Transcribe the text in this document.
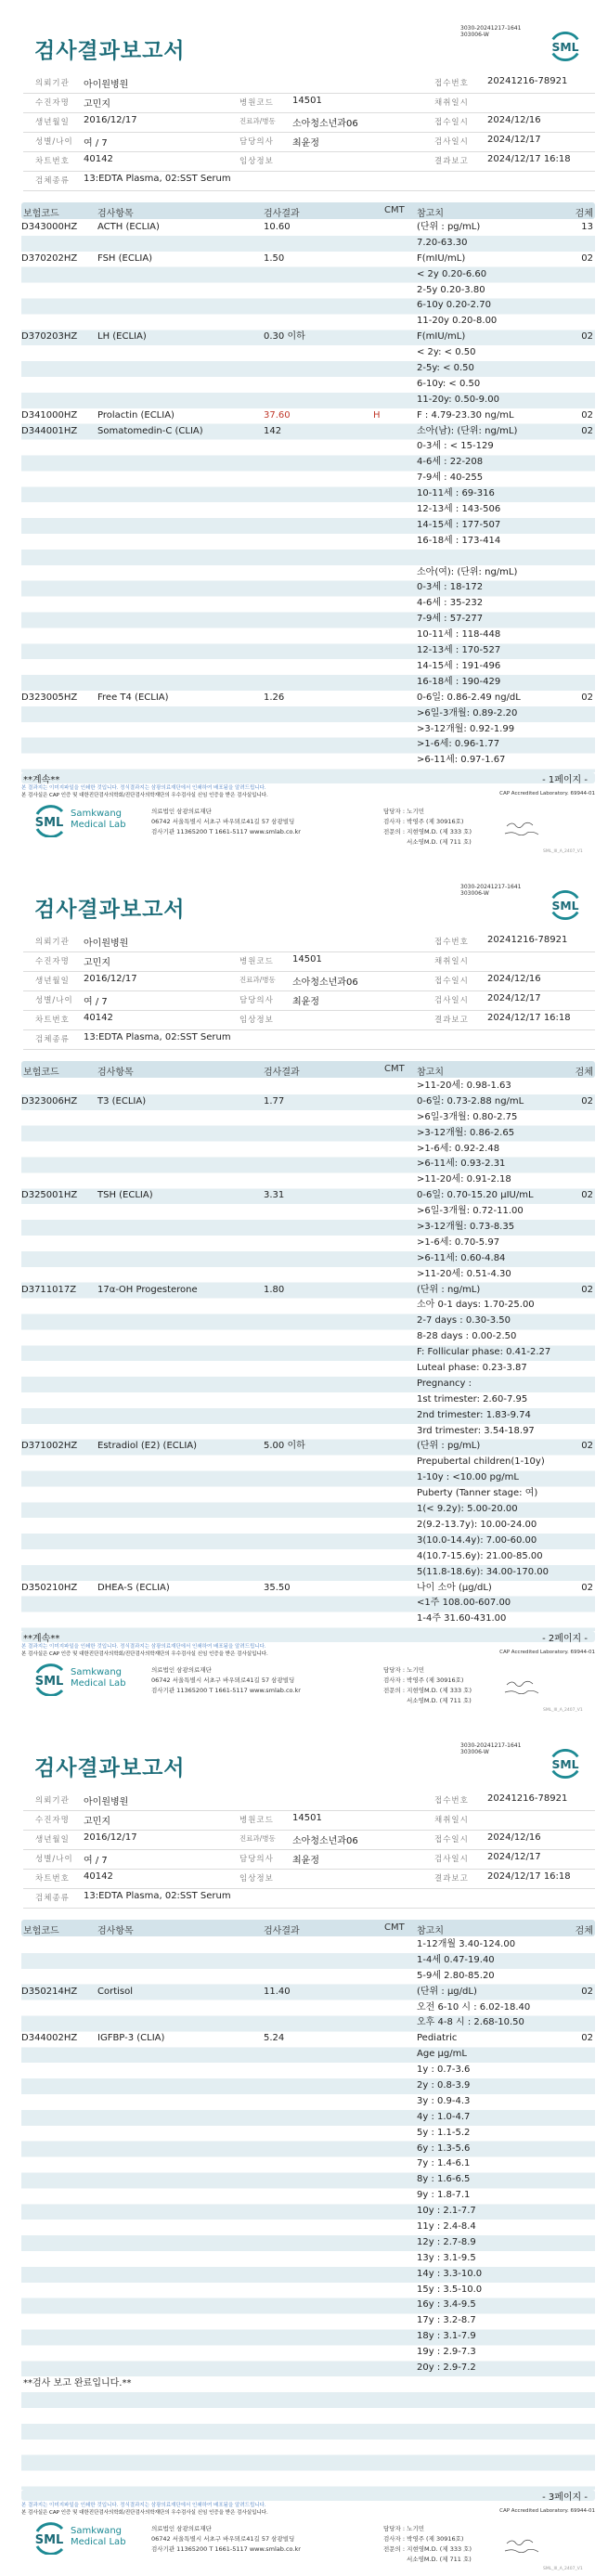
3030-20241217-1641
303006-W
검사결과보고서	SML
의뢰기관 아이원병원	접수번호 20241216-78921
수진자명 고민지	병원코드 14501	채취일시
생년월일 2016/12/17	진료과/병동 소아청소년과06	접수일시 2024/12/16
성별/나이 여 / 7	담당의사 최윤정	검사일시 2024/12/17
차트번호 40142	임상정보	결과보고 2024/12/17 16:18
검체종류 13:EDTA Plasma, 02:SST Serum
보험코드	검사항목	검사결과	CMT 참고치	검체
D343000HZ ACTH (ECLIA)	10.60	(단위 : pg/mL)	13
7.20-63.30
D370202HZ FSH (ECLIA)	1.50	F(mIU/mL)	02
< 2y 0.20-6.60
2-5y 0.20-3.80
6-10y 0.20-2.70
11-20y 0.20-8.00
D370203HZ LH (ECLIA)	0.30 이하	F(mIU/mL)	02
< 2y: < 0.50
2-5y: < 0.50
6-10y: < 0.50
11-20y: 0.50-9.00
D341000HZ Prolactin (ECLIA)	37.60	H	F : 4.79-23.30 ng/mL	02
D344001HZ Somatomedin-C (CLIA)	142	소아(남): (단위: ng/mL)	02
0-3세 : < 15-129
4-6세 : 22-208
7-9세 : 40-255
10-11세 : 69-316
12-13세 : 143-506
14-15세 : 177-507
16-18세 : 173-414
소아(여): (단위: ng/mL)
0-3세 : 18-172
4-6세 : 35-232
7-9세 : 57-277
10-11세 : 118-448
12-13세 : 170-527
14-15세 : 191-496
16-18세 : 190-429
D323005HZ Free T4 (ECLIA)	1.26	0-6일: 0.86-2.49 ng/dL	02
>6일-3개월: 0.89-2.20
>3-12개월: 0.92-1.99
>1-6세: 0.96-1.77
>6-11세: 0.97-1.67
**계속**	- 1페이지 -
본 결과지는 이미지파일을 인쇄한 것입니다. 정식결과지는 삼광의료재단에서 인쇄하여 배포됨을 알려드립니다.
본 검사실은 CAP 인증 및 대한진단검사의학회/진단검사의학재단의 우수검사실 신임 인증을 받은 검사실입니다.	CAP Accredited Laboratory. 69944-01
SML
Samkwang
Medical Lab
의료법인 삼광의료재단
06742 서울특별시 서초구 바우뫼로41길 57 삼광빌딩
검사기관 11365200 T 1661-5117 www.smlab.co.kr
담당자 : 노기민
검사자 : 박영주 (제 30916호)
전문의 : 지현영M.D. (제 333 호)
서소영M.D. (제 711 호)
SML_III_A_2407_V1
3030-20241217-1641
303006-W
검사결과보고서	SML
의뢰기관 아이원병원	접수번호 20241216-78921
수진자명 고민지	병원코드 14501	채취일시
생년월일 2016/12/17	진료과/병동 소아청소년과06	접수일시 2024/12/16
성별/나이 여 / 7	담당의사 최윤정	검사일시 2024/12/17
차트번호 40142	임상정보	결과보고 2024/12/17 16:18
검체종류 13:EDTA Plasma, 02:SST Serum
보험코드	검사항목	검사결과	CMT 참고치	검체
>11-20세: 0.98-1.63
D323006HZ T3 (ECLIA)	1.77	0-6일: 0.73-2.88 ng/mL	02
>6일-3개월: 0.80-2.75
>3-12개월: 0.86-2.65
>1-6세: 0.92-2.48
>6-11세: 0.93-2.31
>11-20세: 0.91-2.18
D325001HZ TSH (ECLIA)	3.31	0-6일: 0.70-15.20 μIU/mL	02
>6일-3개월: 0.72-11.00
>3-12개월: 0.73-8.35
>1-6세: 0.70-5.97
>6-11세: 0.60-4.84
>11-20세: 0.51-4.30
D3711017Z 17α-OH Progesterone	1.80	(단위 : ng/mL)	02
소아 0-1 days: 1.70-25.00
2-7 days : 0.30-3.50
8-28 days : 0.00-2.50
F: Follicular phase: 0.41-2.27
Luteal phase: 0.23-3.87
Pregnancy :
1st trimester: 2.60-7.95
2nd trimester: 1.83-9.74
3rd trimester: 3.54-18.97
D371002HZ Estradiol (E2) (ECLIA)	5.00 이하	(단위 : pg/mL)	02
Prepubertal children(1-10y)
1-10y : <10.00 pg/mL
Puberty (Tanner stage: 여)
1(< 9.2y): 5.00-20.00
2(9.2-13.7y): 10.00-24.00
3(10.0-14.4y): 7.00-60.00
4(10.7-15.6y): 21.00-85.00
5(11.8-18.6y): 34.00-170.00
D350210HZ DHEA-S (ECLIA)	35.50	나이 소아 (μg/dL)	02
<1주 108.00-607.00
1-4주 31.60-431.00
**계속**	- 2페이지 -
본 결과지는 이미지파일을 인쇄한 것입니다. 정식결과지는 삼광의료재단에서 인쇄하여 배포됨을 알려드립니다.
본 검사실은 CAP 인증 및 대한진단검사의학회/진단검사의학재단의 우수검사실 신임 인증을 받은 검사실입니다.	CAP Accredited Laboratory. 69944-01
SML
Samkwang
Medical Lab
의료법인 삼광의료재단
06742 서울특별시 서초구 바우뫼로41길 57 삼광빌딩
검사기관 11365200 T 1661-5117 www.smlab.co.kr
담당자 : 노기민
검사자 : 박영주 (제 30916호)
전문의 : 지현영M.D. (제 333 호)
서소영M.D. (제 711 호)
SML_III_A_2407_V1
3030-20241217-1641
303006-W
검사결과보고서	SML
의뢰기관 아이원병원	접수번호 20241216-78921
수진자명 고민지	병원코드 14501	채취일시
생년월일 2016/12/17	진료과/병동 소아청소년과06	접수일시 2024/12/16
성별/나이 여 / 7	담당의사 최윤정	검사일시 2024/12/17
차트번호 40142	임상정보	결과보고 2024/12/17 16:18
검체종류 13:EDTA Plasma, 02:SST Serum
보험코드	검사항목	검사결과	CMT 참고치	검체
1-12개월 3.40-124.00
1-4세 0.47-19.40
5-9세 2.80-85.20
D350214HZ Cortisol	11.40	(단위 : μg/dL)	02
오전 6-10 시 : 6.02-18.40
오후 4-8 시 : 2.68-10.50
D344002HZ IGFBP-3 (CLIA)	5.24	Pediatric	02
Age μg/mL
1y : 0.7-3.6
2y : 0.8-3.9
3y : 0.9-4.3
4y : 1.0-4.7
5y : 1.1-5.2
6y : 1.3-5.6
7y : 1.4-6.1
8y : 1.6-6.5
9y : 1.8-7.1
10y : 2.1-7.7
11y : 2.4-8.4
12y : 2.7-8.9
13y : 3.1-9.5
14y : 3.3-10.0
15y : 3.5-10.0
16y : 3.4-9.5
17y : 3.2-8.7
18y : 3.1-7.9
19y : 2.9-7.3
20y : 2.9-7.2
**검사 보고 완료입니다.**
- 3페이지 -
본 결과지는 이미지파일을 인쇄한 것입니다. 정식결과지는 삼광의료재단에서 인쇄하여 배포됨을 알려드립니다.
본 검사실은 CAP 인증 및 대한진단검사의학회/진단검사의학재단의 우수검사실 신임 인증을 받은 검사실입니다.	CAP Accredited Laboratory. 69944-01
SML
Samkwang
Medical Lab
의료법인 삼광의료재단
06742 서울특별시 서초구 바우뫼로41길 57 삼광빌딩
검사기관 11365200 T 1661-5117 www.smlab.co.kr
담당자 : 노기민
검사자 : 박영주 (제 30916호)
전문의 : 지현영M.D. (제 333 호)
서소영M.D. (제 711 호)
SML_III_A_2407_V1
